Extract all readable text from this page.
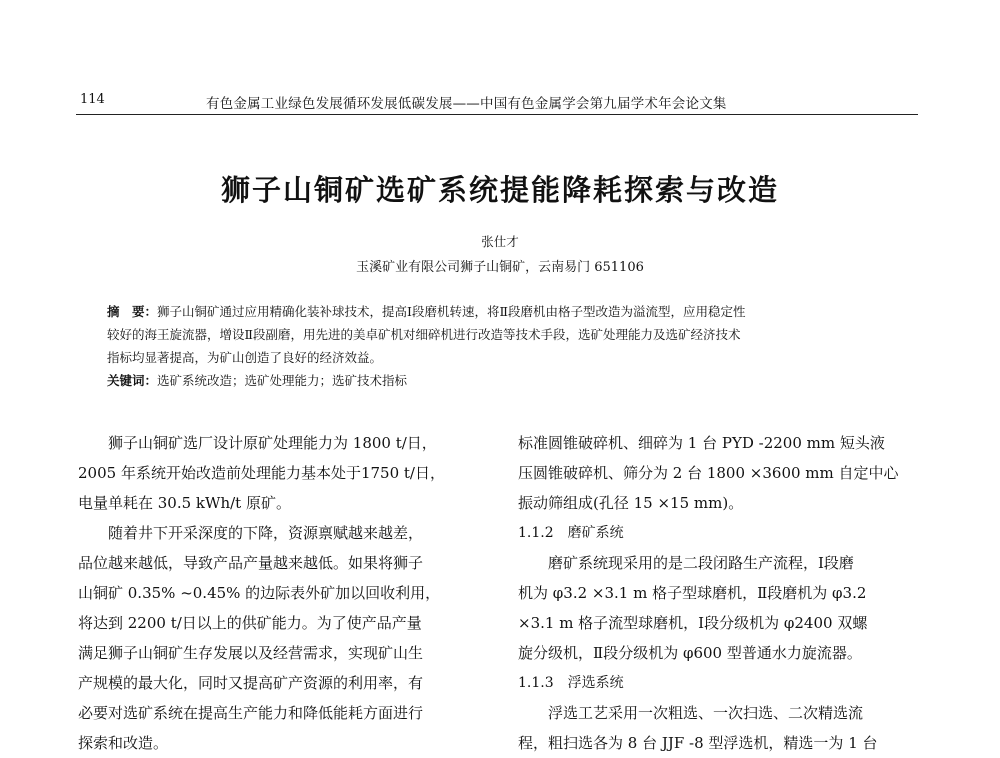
114	有色金属工业绿色发展循环发展低碳发展——中国有色金属学会第九届学术年会论文集
狮子山铜矿选矿系统提能降耗探索与改造
张仕才
玉溪矿业有限公司狮子山铜矿，云南易门 651106
摘　要：狮子山铜矿通过应用精确化装补球技术，提高Ⅰ段磨机转速，将Ⅱ段磨机由格子型改造为溢流型，应用稳定性
较好的海王旋流器，增设Ⅱ段副磨，用先进的美卓矿机对细碎机进行改造等技术手段，选矿处理能力及选矿经济技术
指标均显著提高，为矿山创造了良好的经济效益。
关键词：选矿系统改造；选矿处理能力；选矿技术指标
狮子山铜矿选厂设计原矿处理能力为 1800 t/日，
2005 年系统开始改造前处理能力基本处于1750 t/日，
电量单耗在 30.5 kWh/t 原矿。
随着井下开采深度的下降，资源禀赋越来越差，
品位越来越低，导致产品产量越来越低。如果将狮子
山铜矿 0.35% ~0.45% 的边际表外矿加以回收利用，
将达到 2200 t/日以上的供矿能力。为了使产品产量
满足狮子山铜矿生存发展以及经营需求，实现矿山生
产规模的最大化，同时又提高矿产资源的利用率，有
必要对选矿系统在提高生产能力和降低能耗方面进行
探索和改造。
标准圆锥破碎机、细碎为 1 台 PYD -2200 mm 短头液
压圆锥破碎机、筛分为 2 台 1800 ×3600 mm 自定中心
振动筛组成(孔径 15 ×15 mm)。
1.1.2 磨矿系统
磨矿系统现采用的是二段闭路生产流程，Ⅰ段磨
机为 φ3.2 ×3.1 m 格子型球磨机，Ⅱ段磨机为 φ3.2
×3.1 m 格子流型球磨机，Ⅰ段分级机为 φ2400 双螺
旋分级机，Ⅱ段分级机为 φ600 型普通水力旋流器。
1.1.3 浮选系统
浮选工艺采用一次粗选、一次扫选、二次精选流
程，粗扫选各为 8 台 JJF -8 型浮选机，精选一为 1 台
